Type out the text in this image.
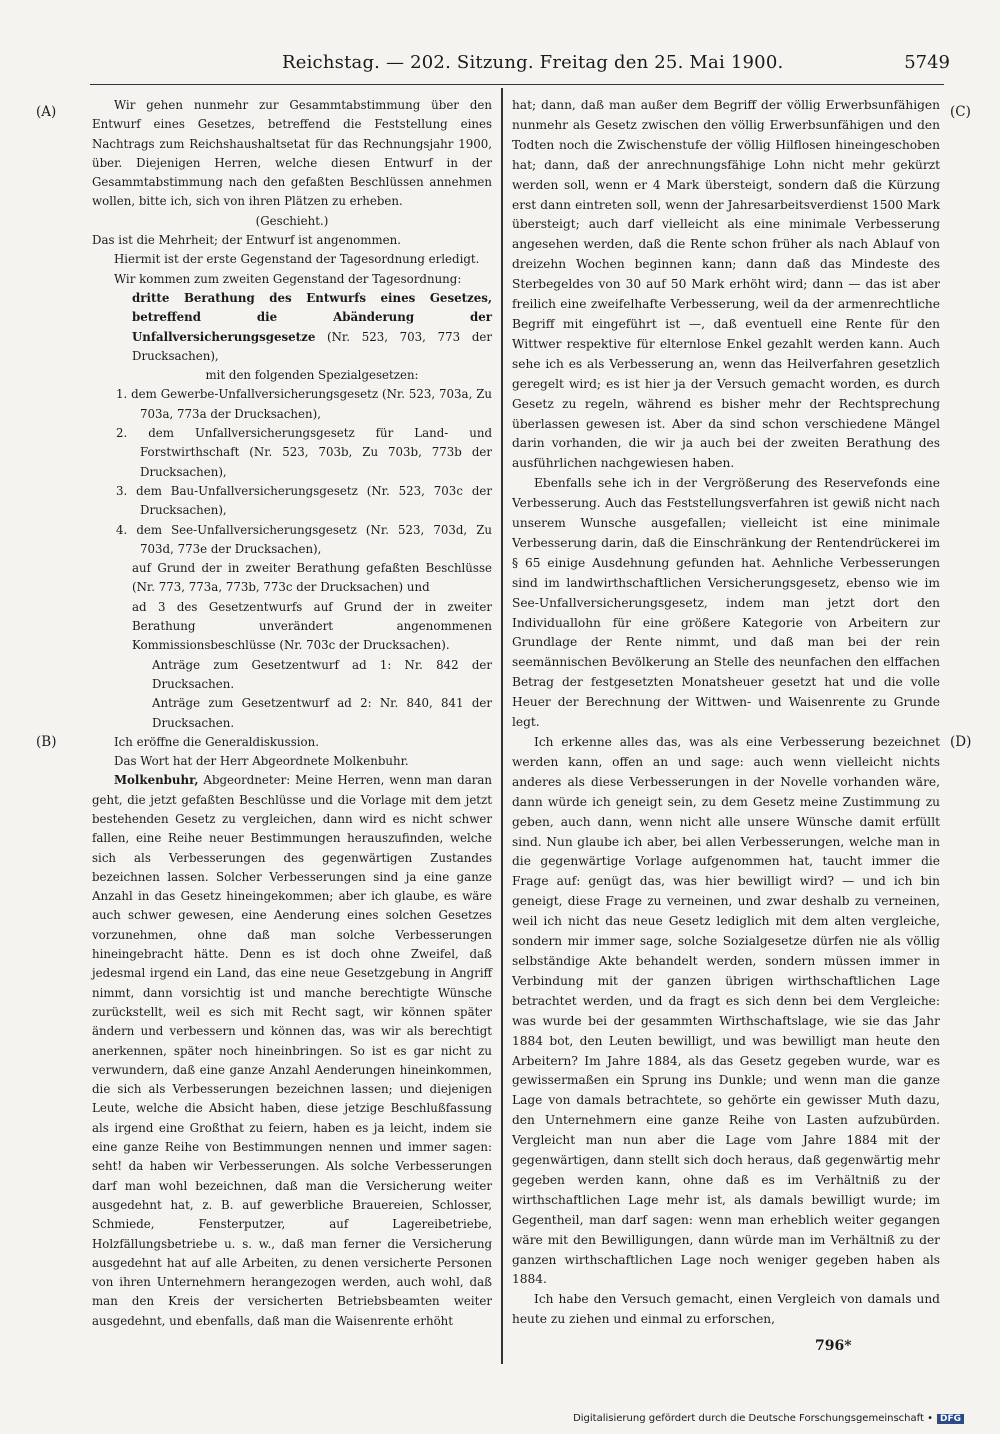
Reichstag. — 202. Sitzung. Freitag den 25. Mai 1900.	5749
(A)
(B)
(C)
(D)

Wir gehen nunmehr zur Gesammtabstimmung über den Entwurf eines Gesetzes, betreffend die Feststellung eines Nachtrags zum Reichshaushaltsetat für das Rechnungsjahr 1900, über. Diejenigen Herren, welche diesen Entwurf in der Gesammtabstimmung nach den gefaßten Beschlüssen annehmen wollen, bitte ich, sich von ihren Plätzen zu erheben.

(Geschieht.)

Das ist die Mehrheit; der Entwurf ist angenommen.

Hiermit ist der erste Gegenstand der Tagesordnung erledigt.

Wir kommen zum zweiten Gegenstand der Tagesordnung:

dritte Berathung des Entwurfs eines Gesetzes, betreffend die Abänderung der Unfallversicherungsgesetze (Nr. 523, 703, 773 der Drucksachen),

mit den folgenden Spezialgesetzen:

1. dem Gewerbe-Unfallversicherungsgesetz (Nr. 523, 703a, Zu 703a, 773a der Drucksachen),

2. dem Unfallversicherungsgesetz für Land- und Forstwirthschaft (Nr. 523, 703b, Zu 703b, 773b der Drucksachen),

3. dem Bau-Unfallversicherungsgesetz (Nr. 523, 703c der Drucksachen),

4. dem See-Unfallversicherungsgesetz (Nr. 523, 703d, Zu 703d, 773e der Drucksachen),

auf Grund der in zweiter Berathung gefaßten Beschlüsse (Nr. 773, 773a, 773b, 773c der Drucksachen) und

ad 3 des Gesetzentwurfs auf Grund der in zweiter Berathung unverändert angenommenen Kommissionsbeschlüsse (Nr. 703c der Drucksachen).

Anträge zum Gesetzentwurf ad 1: Nr. 842 der Drucksachen.

Anträge zum Gesetzentwurf ad 2: Nr. 840, 841 der Drucksachen.

Ich eröffne die Generaldiskussion.

Das Wort hat der Herr Abgeordnete Molkenbuhr.

Molkenbuhr, Abgeordneter: Meine Herren, wenn man daran geht, die jetzt gefaßten Beschlüsse und die Vorlage mit dem jetzt bestehenden Gesetz zu vergleichen, dann wird es nicht schwer fallen, eine Reihe neuer Bestimmungen herauszufinden, welche sich als Verbesserungen des gegenwärtigen Zustandes bezeichnen lassen. Solcher Verbesserungen sind ja eine ganze Anzahl in das Gesetz hineingekommen; aber ich glaube, es wäre auch schwer gewesen, eine Aenderung eines solchen Gesetzes vorzunehmen, ohne daß man solche Verbesserungen hineingebracht hätte. Denn es ist doch ohne Zweifel, daß jedesmal irgend ein Land, das eine neue Gesetzgebung in Angriff nimmt, dann vorsichtig ist und manche berechtigte Wünsche zurückstellt, weil es sich mit Recht sagt, wir können später ändern und verbessern und können das, was wir als berechtigt anerkennen, später noch hineinbringen. So ist es gar nicht zu verwundern, daß eine ganze Anzahl Aenderungen hineinkommen, die sich als Verbesserungen bezeichnen lassen; und diejenigen Leute, welche die Absicht haben, diese jetzige Beschlußfassung als irgend eine Großthat zu feiern, haben es ja leicht, indem sie eine ganze Reihe von Bestimmungen nennen und immer sagen: seht! da haben wir Verbesserungen. Als solche Verbesserungen darf man wohl bezeichnen, daß man die Versicherung weiter ausgedehnt hat, z. B. auf gewerbliche Brauereien, Schlosser, Schmiede, Fensterputzer, auf Lagereibetriebe, Holzfällungsbetriebe u. s. w., daß man ferner die Versicherung ausgedehnt hat auf alle Arbeiten, zu denen versicherte Personen von ihren Unternehmern herangezogen werden, auch wohl, daß man den Kreis der versicherten Betriebsbeamten weiter ausgedehnt, und ebenfalls, daß man die Waisenrente erhöht

hat; dann, daß man außer dem Begriff der völlig Erwerbsunfähigen nunmehr als Gesetz zwischen den völlig Erwerbsunfähigen und den Todten noch die Zwischenstufe der völlig Hilflosen hineingeschoben hat; dann, daß der anrechnungsfähige Lohn nicht mehr gekürzt werden soll, wenn er 4 Mark übersteigt, sondern daß die Kürzung erst dann eintreten soll, wenn der Jahresarbeitsverdienst 1500 Mark übersteigt; auch darf vielleicht als eine minimale Verbesserung angesehen werden, daß die Rente schon früher als nach Ablauf von dreizehn Wochen beginnen kann; dann daß das Mindeste des Sterbegeldes von 30 auf 50 Mark erhöht wird; dann — das ist aber freilich eine zweifelhafte Verbesserung, weil da der armenrechtliche Begriff mit eingeführt ist —, daß eventuell eine Rente für den Wittwer respektive für elternlose Enkel gezahlt werden kann. Auch sehe ich es als Verbesserung an, wenn das Heilverfahren gesetzlich geregelt wird; es ist hier ja der Versuch gemacht worden, es durch Gesetz zu regeln, während es bisher mehr der Rechtsprechung überlassen gewesen ist. Aber da sind schon verschiedene Mängel darin vorhanden, die wir ja auch bei der zweiten Berathung des ausführlichen nachgewiesen haben.

Ebenfalls sehe ich in der Vergrößerung des Reservefonds eine Verbesserung. Auch das Feststellungsverfahren ist gewiß nicht nach unserem Wunsche ausgefallen; vielleicht ist eine minimale Verbesserung darin, daß die Einschränkung der Rentendrückerei im § 65 einige Ausdehnung gefunden hat. Aehnliche Verbesserungen sind im landwirthschaftlichen Versicherungsgesetz, ebenso wie im See-Unfallversicherungsgesetz, indem man jetzt dort den Individuallohn für eine größere Kategorie von Arbeitern zur Grundlage der Rente nimmt, und daß man bei der rein seemännischen Bevölkerung an Stelle des neunfachen den elffachen Betrag der festgesetzten Monatsheuer gesetzt hat und die volle Heuer der Berechnung der Wittwen- und Waisenrente zu Grunde legt.

Ich erkenne alles das, was als eine Verbesserung bezeichnet werden kann, offen an und sage: auch wenn vielleicht nichts anderes als diese Verbesserungen in der Novelle vorhanden wäre, dann würde ich geneigt sein, zu dem Gesetz meine Zustimmung zu geben, auch dann, wenn nicht alle unsere Wünsche damit erfüllt sind. Nun glaube ich aber, bei allen Verbesserungen, welche man in die gegenwärtige Vorlage aufgenommen hat, taucht immer die Frage auf: genügt das, was hier bewilligt wird? — und ich bin geneigt, diese Frage zu verneinen, und zwar deshalb zu verneinen, weil ich nicht das neue Gesetz lediglich mit dem alten vergleiche, sondern mir immer sage, solche Sozialgesetze dürfen nie als völlig selbständige Akte behandelt werden, sondern müssen immer in Verbindung mit der ganzen übrigen wirthschaftlichen Lage betrachtet werden, und da fragt es sich denn bei dem Vergleiche: was wurde bei der gesammten Wirthschaftslage, wie sie das Jahr 1884 bot, den Leuten bewilligt, und was bewilligt man heute den Arbeitern? Im Jahre 1884, als das Gesetz gegeben wurde, war es gewissermaßen ein Sprung ins Dunkle; und wenn man die ganze Lage von damals betrachtete, so gehörte ein gewisser Muth dazu, den Unternehmern eine ganze Reihe von Lasten aufzubürden. Vergleicht man nun aber die Lage vom Jahre 1884 mit der gegenwärtigen, dann stellt sich doch heraus, daß gegenwärtig mehr gegeben werden kann, ohne daß es im Verhältniß zu der wirthschaftlichen Lage mehr ist, als damals bewilligt wurde; im Gegentheil, man darf sagen: wenn man erheblich weiter gegangen wäre mit den Bewilligungen, dann würde man im Verhältniß zu der ganzen wirthschaftlichen Lage noch weniger gegeben haben als 1884.

Ich habe den Versuch gemacht, einen Vergleich von damals und heute zu ziehen und einmal zu erforschen,

796*
Digitalisierung gefördert durch die Deutsche Forschungsgemeinschaft • DFG
